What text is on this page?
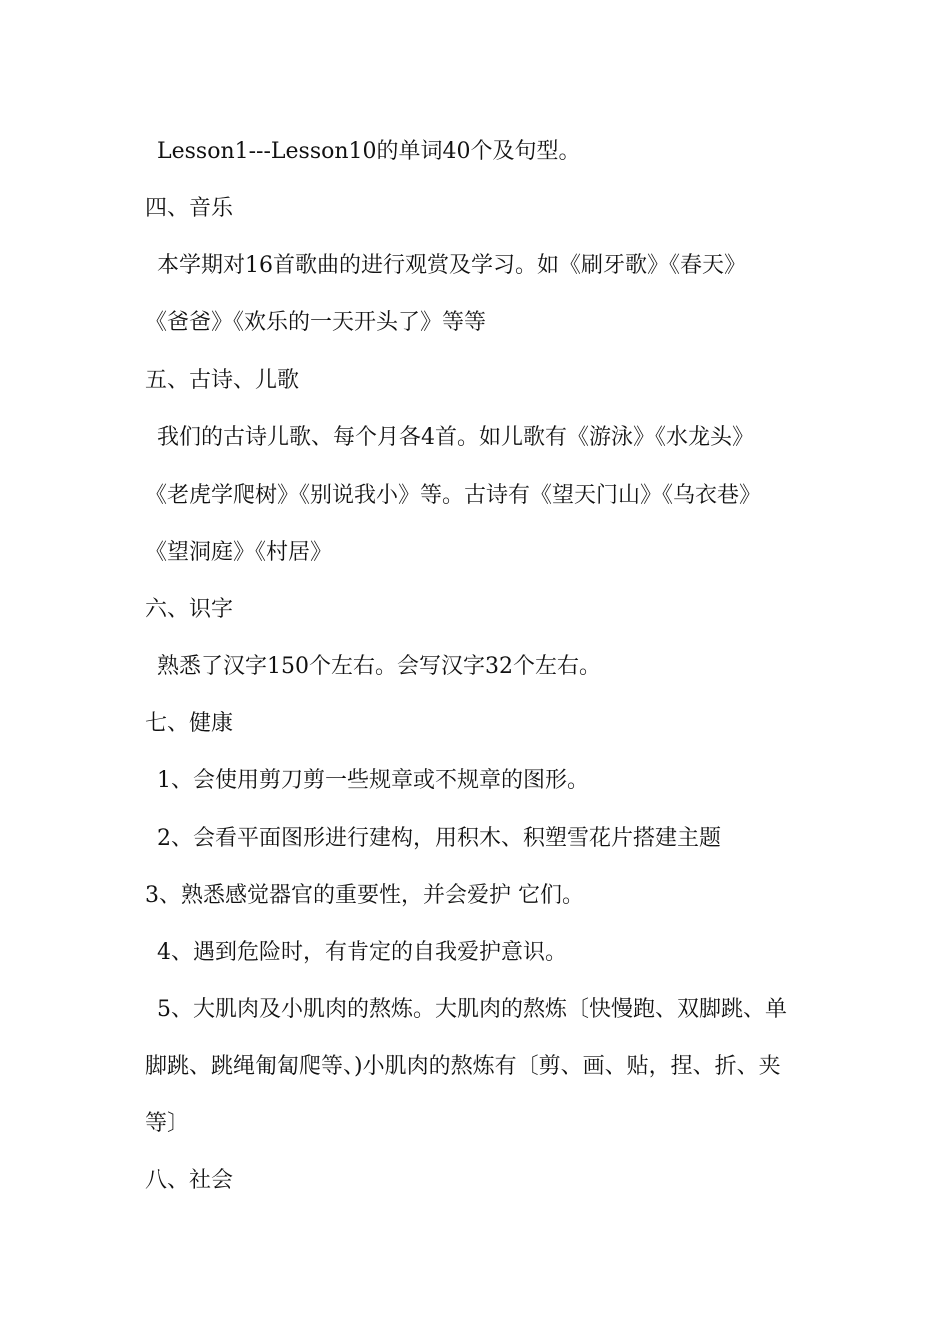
Lesson1---Lesson10的单词40个及句型。
四、音乐
本学期对16首歌曲的进行观赏及学习。如《刷牙歌》《春天》
《爸爸》《欢乐的一天开头了》等等
五、古诗、儿歌
我们的古诗儿歌、每个月各4首。如儿歌有《游泳》《水龙头》
《老虎学爬树》《别说我小》等。古诗有《望天门山》《乌衣巷》
《望洞庭》《村居》
六、识字
熟悉了汉字150个左右。会写汉字32个左右。
七、健康
1、会使用剪刀剪一些规章或不规章的图形。
2、会看平面图形进行建构，用积木、积塑雪花片搭建主题
3、熟悉感觉器官的重要性，并会爱护 它们。
4、遇到危险时，有肯定的自我爱护意识。
5、大肌肉及小肌肉的熬炼。大肌肉的熬炼〔快慢跑、双脚跳、单
脚跳、跳绳匍匐爬等、)小肌肉的熬炼有〔剪、画、贴，捏、折、夹
等〕
八、社会
